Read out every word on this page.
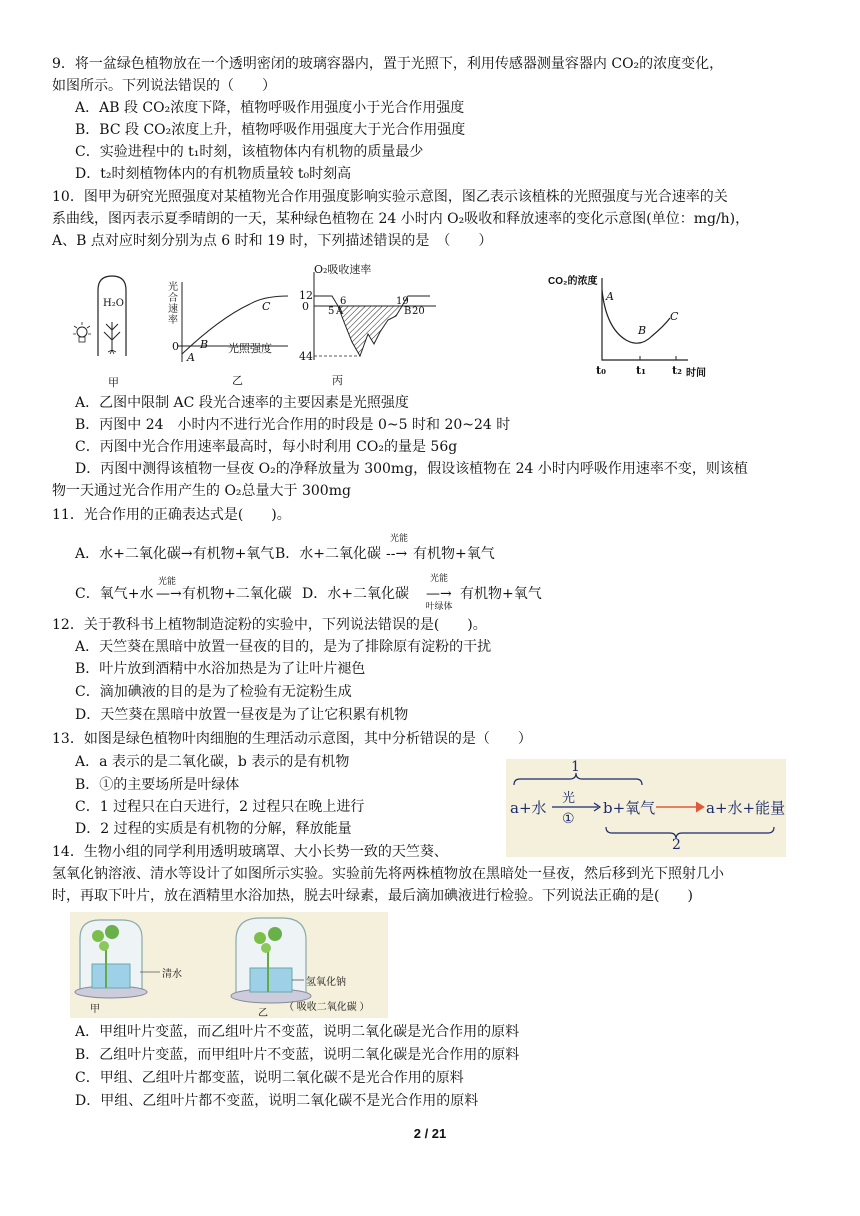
9．将一盆绿色植物放在一个透明密闭的玻璃容器内，置于光照下，利用传感器测量容器内 CO₂的浓度变化，
如图所示。下列说法错误的（　　）
A．AB 段 CO₂浓度下降，植物呼吸作用强度小于光合作用强度
B．BC 段 CO₂浓度上升，植物呼吸作用强度大于光合作用强度
C．实验进程中的 t₁时刻，该植物体内有机物的质量最少
D．t₂时刻植物体内的有机物质量较 t₀时刻高
10．图甲为研究光照强度对某植物光合作用强度影响实验示意图，图乙表示该植株的光照强度与光合速率的关
系曲线，图丙表示夏季晴朗的一天，某种绿色植物在 24 小时内 O₂吸收和释放速率的变化示意图(单位：mg/h)，
A、B 点对应时刻分别为点 6 时和 19 时，下列描述错误的是　（　　）
H₂O
甲
光合速率
0
A
B
C
光照强度
乙
O₂吸收速率
12
0
44
5 A
6	19
B 20
丙
CO₂的浓度
A
B
C
t₀	t₁ t₂ 时间
A．乙图中限制 AC 段光合速率的主要因素是光照强度
B．丙图中 24　小时内不进行光合作用的时段是 0~5 时和 20~24 时
C．丙图中光合作用速率最高时，每小时利用 CO₂的量是 56g
D．丙图中测得该植物一昼夜 O₂的净释放量为 300mg，假设该植物在 24 小时内呼吸作用速率不变，则该植
物一天通过光合作用产生的 O₂总量大于 300mg
11．光合作用的正确表达式是(　　)。
A．水+二氧化碳→有机物+氧气 B．水+二氧化碳
光能
--→ 有机物+氧气
C．氧气+水
光能
—→ 有机物+二氧化碳 D．水+二氧化碳
光能
—→
叶绿体
有机物+氧气
12．关于教科书上植物制造淀粉的实验中，下列说法错误的是(　　)。
A．天竺葵在黑暗中放置一昼夜的目的，是为了排除原有淀粉的干扰
B．叶片放到酒精中水浴加热是为了让叶片褪色
C．滴加碘液的目的是为了检验有无淀粉生成
D．天竺葵在黑暗中放置一昼夜是为了让它积累有机物
13．如图是绿色植物叶肉细胞的生理活动示意图，其中分析错误的是（　　）
A．a 表示的是二氧化碳，b 表示的是有机物
B．①的主要场所是叶绿体
C．1 过程只在白天进行，2 过程只在晚上进行
D．2 过程的实质是有机物的分解，释放能量
1
a+水
光
①
b+氧气	a+水+能量
2
14．生物小组的同学利用透明玻璃罩、大小长势一致的天竺葵、
氢氧化钠溶液、清水等设计了如图所示实验。实验前先将两株植物放在黑暗处一昼夜，然后移到光下照射几小
时，再取下叶片，放在酒精里水浴加热，脱去叶绿素，最后滴加碘液进行检验。下列说法正确的是(　　)
清水
氢氧化钠
（ 吸收二氧化碳 ）
甲	乙
A．甲组叶片变蓝，而乙组叶片不变蓝，说明二氧化碳是光合作用的原料
B．乙组叶片变蓝，而甲组叶片不变蓝，说明二氧化碳是光合作用的原料
C．甲组、乙组叶片都变蓝，说明二氧化碳不是光合作用的原料
D．甲组、乙组叶片都不变蓝，说明二氧化碳不是光合作用的原料
2 / 21
